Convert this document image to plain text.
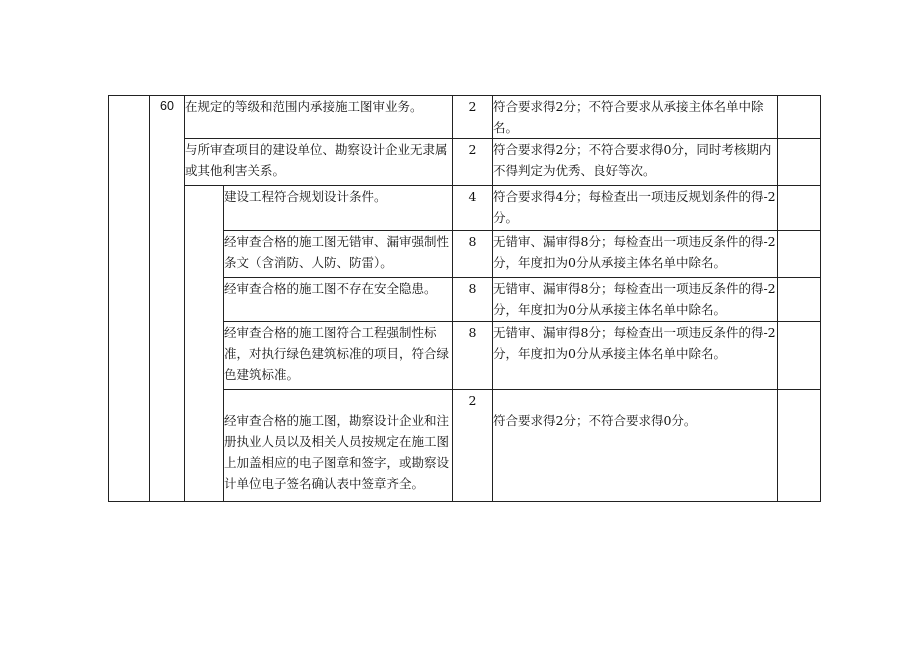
	60	在规定的等级和范围内承接施工图审业务。		2	符合要求得2分；不符合要求从承接主体名单中除名。	
		与所审查项目的建设单位、勘察设计企业无隶属或其他利害关系。		2	符合要求得2分；不符合要求得0分，同时考核期内不得判定为优秀、良好等次。	
			建设工程符合规划设计条件。	4	符合要求得4分；每检查出一项违反规划条件的得-2分。	
			经审查合格的施工图无错审、漏审强制性条文（含消防、人防、防雷）。	8	无错审、漏审得8分；每检查出一项违反条件的得-2分，年度扣为0分从承接主体名单中除名。	
			经审查合格的施工图不存在安全隐患。	8	无错审、漏审得8分；每检查出一项违反条件的得-2分，年度扣为0分从承接主体名单中除名。	
			经审查合格的施工图符合工程强制性标准，对执行绿色建筑标准的项目，符合绿色建筑标准。	8	无错审、漏审得8分；每检查出一项违反条件的得-2分，年度扣为0分从承接主体名单中除名。	
			经审查合格的施工图，勘察设计企业和注册执业人员以及相关人员按规定在施工图上加盖相应的电子图章和签字，或勘察设计单位电子签名确认表中签章齐全。	2	符合要求得2分；不符合要求得0分。	
